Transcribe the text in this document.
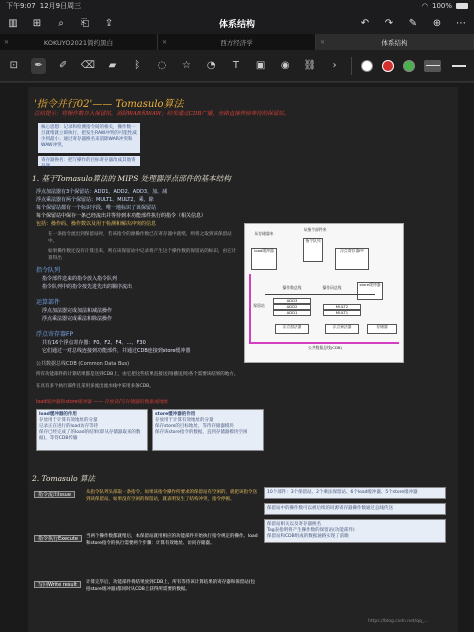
下午9:07 12月9日周三	◠ 100%
▥ ⊞	⌕	⎗	⇪	体系结构	↶ ↷ ✎ ⊕ ⋯
✕	KOKUYO2021简约黑白	✕	西方经济学	✕	体系结构
⊡	✒	✐	⌫	▰	ᛒ	◌	☆	◔	T	▣	◉	⛓	›
'指令并行02'—— Tomasulo算法
总结提示：将操作数存入保留站，消除WAR和WAW；结果通过CDB广播，旁路直接传给等待的保留站。
核心思想：记录和检测指令间的相关，操作数一旦就绪就立即执行，把发生RAW冲突的可能性减少到最小；通过寄存器换名来消除WAR冲突和WAW冲突。
寄存器换名：把写操作的目标寄存器改成其他寄存器。
1. 基于Tomasulo算法的 MIPS 处理器浮点部件的基本结构
浮点加法器有3个保留站：ADD1、ADD2、ADD3，加、减
浮点乘法器有两个保留站：MULT1、MULT2，乘、除
每个保留站都有一个标识字段，唯一地标识了该保留站
每个保留站中保存一条已经流出并等待到本功能部件执行的指令（相关信息）
包括：操作码、操作数以及用于检测和解决冲突的信息
在一条指令流出到保留站时，若该指令的源操作数已在寄存器中就绪，则将之取到该保留站中。
如果操作数还没有计算出来，则在该保留站中记录将产生这个操作数的保留站的标识，由它计算得出
指令队列
指令部件送来的指令放入指令队列
指令队列中的指令按先进先出的顺序流出
运算部件
浮点加法器完成加法和减法操作
浮点乘法器完成乘法和除法操作
浮点寄存器FP
共有16个浮点寄存器：F0、F2、F4、…、F30
它们通过一对总线连接到功能部件，并通过CDB连接到store缓冲器
公共数据总线CDB (Common Data Bus)
所有功能部件的计算结果都是送到CDB上，由它把这些结果直接送到(播送到)各个需要该结果的地方。
在具有多个执行部件且采用多流出流水线中采用多条CDB。
load缓冲器和store缓冲器 —— 存放读/写存储器的数据或地址
load缓冲器的作用
存放用于计算有效地址的分量
记录正在进行的load访存等待
保存已经完成了的load的结果(即从存储器取来的数据)，等待CDB传输
store缓冲器的作用
存放用于计算有效地址的分量
保存store的目标地址，等待存储器模块
保存该store指令的数据，直到存储器模块空闲
从指令部件来
指令队列
load缓冲器	浮点寄存器FP
store缓冲器
从存储器来
操作数总线	操作码总线
保留站
ADD3
ADD2
ADD1
MULT2
MULT1
浮点加法器	浮点乘法器
公共数据总线(CDB)
存储器
2. Tomasulo 算法
指令流出Issue	从指令队列头部取一条指令。如果该指令操作所要求的保留站有空闲的，就把该指令送到该保留站。如果没有空闲的保留站，就表明发生了结构冲突，指令停顿。
指令执行Execute	当两个操作数都就绪后，本保留站就用相应的功能部件开始执行指令规定的操作。load和store指令的执行需要两个步骤：计算有效地址、访问存储器。
写回Write result	计算完毕后，功能部件将结果放到CDB上，所有等待该计算结果的寄存器和保留站(包括store缓冲器)都同时从CDB上获得所需要的数据。
10个部件：3个保留站、2个乘法保留站、6个load缓冲器、5个store缓冲器
保留站中的操作数可以被后续的同源寄存器操作数通过总线传送
保留站相关以及寄存器换名
Tag表指明将产生操作数的保留站(功能部件)
保留站和CDB组成的数据通路实现了前瞻
https://blog.csdn.net/qq_...
